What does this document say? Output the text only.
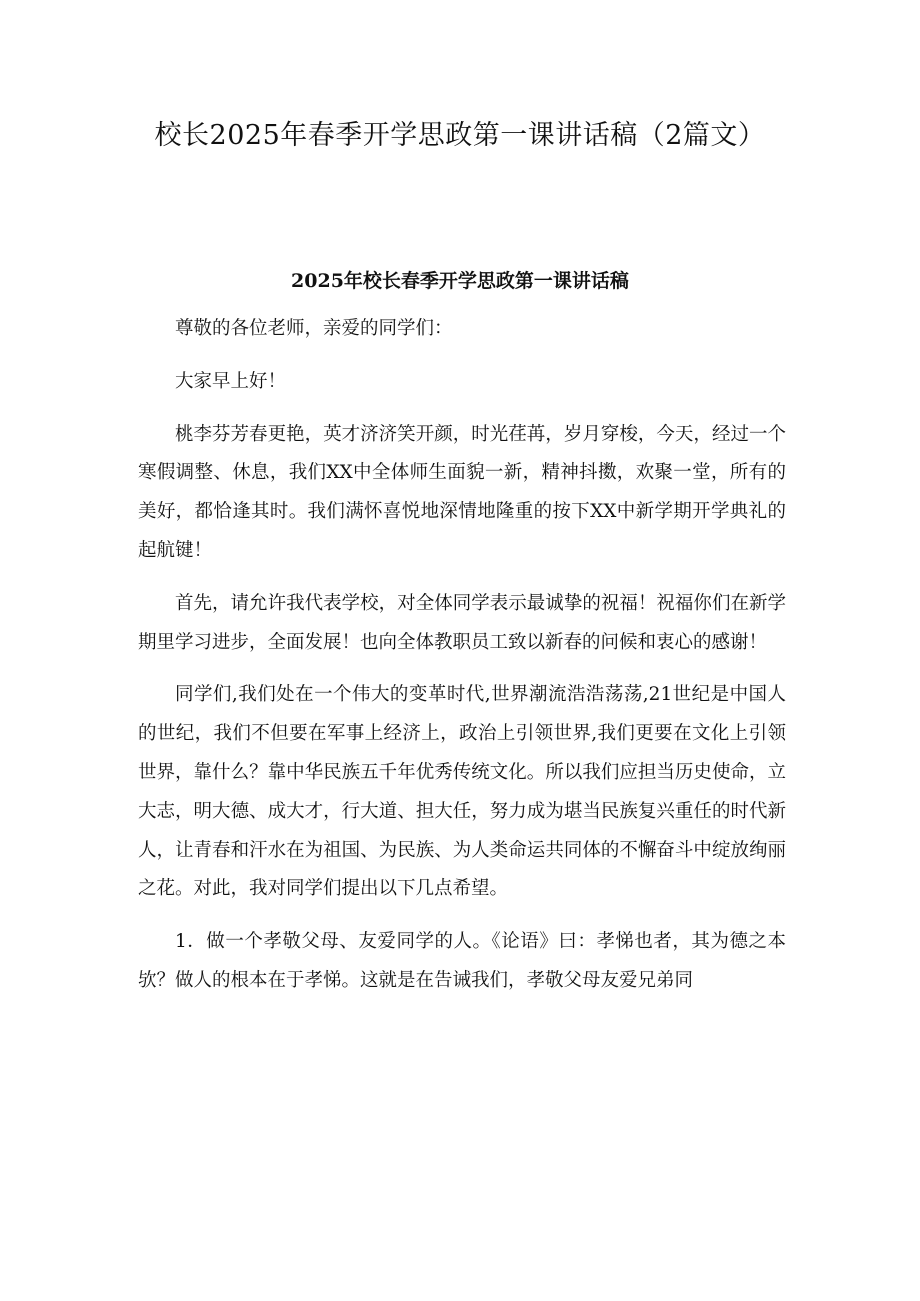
校长2025年春季开学思政第一课讲话稿（2篇文）
2025年校长春季开学思政第一课讲话稿

尊敬的各位老师，亲爱的同学们：

大家早上好！

桃李芬芳春更艳，英才济济笑开颜，时光荏苒，岁月穿梭，今天，经过一个寒假调整、休息，我们XX中全体师生面貌一新，精神抖擞，欢聚一堂，所有的美好，都恰逢其时。我们满怀喜悦地深情地隆重的按下XX中新学期开学典礼的起航键！

首先，请允许我代表学校，对全体同学表示最诚挚的祝福！祝福你们在新学期里学习进步，全面发展！也向全体教职员工致以新春的问候和衷心的感谢！

同学们,我们处在一个伟大的变革时代,世界潮流浩浩荡荡,21世纪是中国人的世纪，我们不但要在军事上经济上，政治上引领世界,我们更要在文化上引领世界，靠什么？靠中华民族五千年优秀传统文化。所以我们应担当历史使命，立大志，明大德、成大才，行大道、担大任，努力成为堪当民族复兴重任的时代新人，让青春和汗水在为祖国、为民族、为人类命运共同体的不懈奋斗中绽放绚丽之花。对此，我对同学们提出以下几点希望。

1．做一个孝敬父母、友爱同学的人。《论语》曰：孝悌也者，其为德之本欤？做人的根本在于孝悌。这就是在告诫我们，孝敬父母友爱兄弟同
